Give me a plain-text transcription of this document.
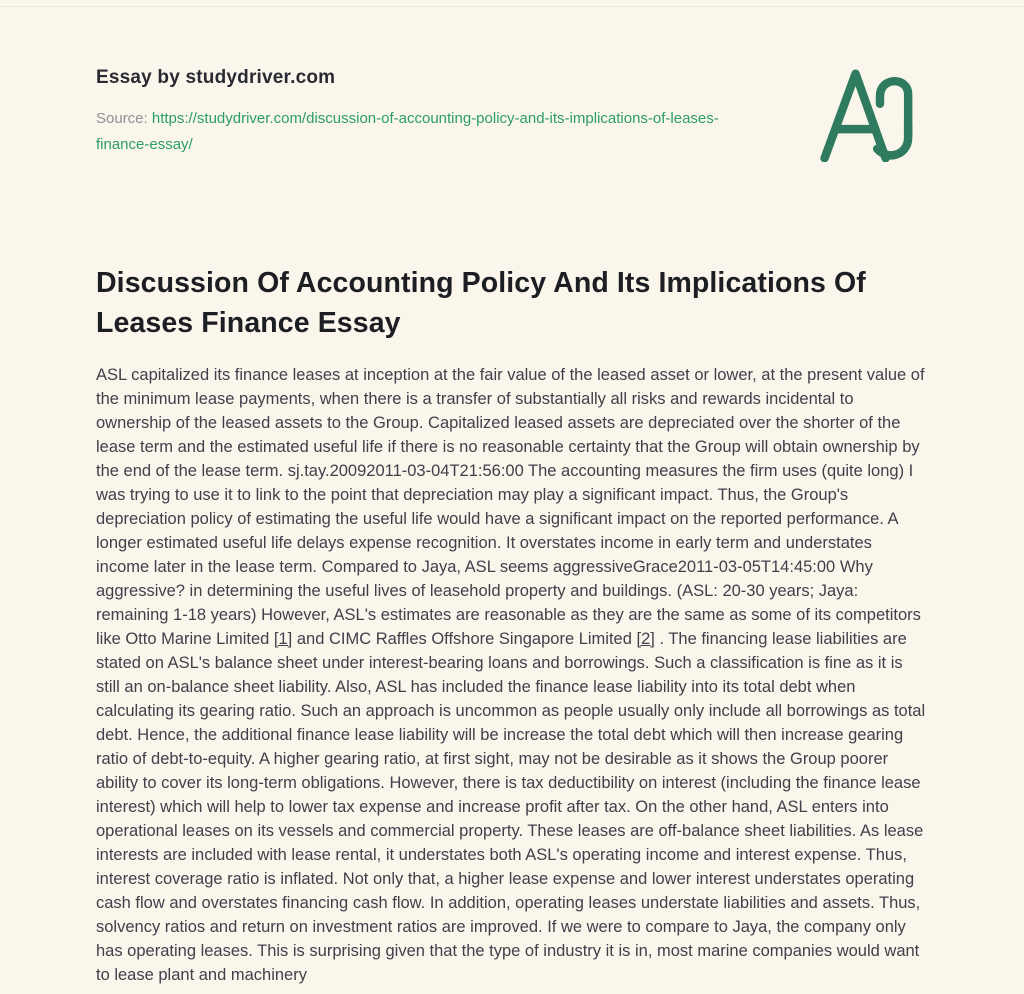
Essay by studydriver.com

Source: https://studydriver.com/discussion-of-accounting-policy-and-its-implications-of-leases-finance-essay/

Discussion Of Accounting Policy And Its Implications Of Leases Finance Essay

ASL capitalized its finance leases at inception at the fair value of the leased asset or lower, at the present value of the minimum lease payments, when there is a transfer of substantially all risks and rewards incidental to ownership of the leased assets to the Group. Capitalized leased assets are depreciated over the shorter of the lease term and the estimated useful life if there is no reasonable certainty that the Group will obtain ownership by the end of the lease term. sj.tay.20092011-03-04T21:56:00 The accounting measures the firm uses (quite long) I was trying to use it to link to the point that depreciation may play a significant impact. Thus, the Group's depreciation policy of estimating the useful life would have a significant impact on the reported performance. A longer estimated useful life delays expense recognition. It overstates income in early term and understates income later in the lease term. Compared to Jaya, ASL seems aggressiveGrace2011-03-05T14:45:00 Why aggressive? in determining the useful lives of leasehold property and buildings. (ASL: 20-30 years; Jaya: remaining 1-18 years) However, ASL's estimates are reasonable as they are the same as some of its competitors like Otto Marine Limited [1] and CIMC Raffles Offshore Singapore Limited [2] . The financing lease liabilities are stated on ASL's balance sheet under interest-bearing loans and borrowings. Such a classification is fine as it is still an on-balance sheet liability. Also, ASL has included the finance lease liability into its total debt when calculating its gearing ratio. Such an approach is uncommon as people usually only include all borrowings as total debt. Hence, the additional finance lease liability will be increase the total debt which will then increase gearing ratio of debt-to-equity. A higher gearing ratio, at first sight, may not be desirable as it shows the Group poorer ability to cover its long-term obligations. However, there is tax deductibility on interest (including the finance lease interest) which will help to lower tax expense and increase profit after tax. On the other hand, ASL enters into operational leases on its vessels and commercial property. These leases are off-balance sheet liabilities. As lease interests are included with lease rental, it understates both ASL's operating income and interest expense. Thus, interest coverage ratio is inflated. Not only that, a higher lease expense and lower interest understates operating cash flow and overstates financing cash flow. In addition, operating leases understate liabilities and assets. Thus, solvency ratios and return on investment ratios are improved. If we were to compare to Jaya, the company only has operating leases. This is surprising given that the type of industry it is in, most marine companies would want to lease plant and machinery
